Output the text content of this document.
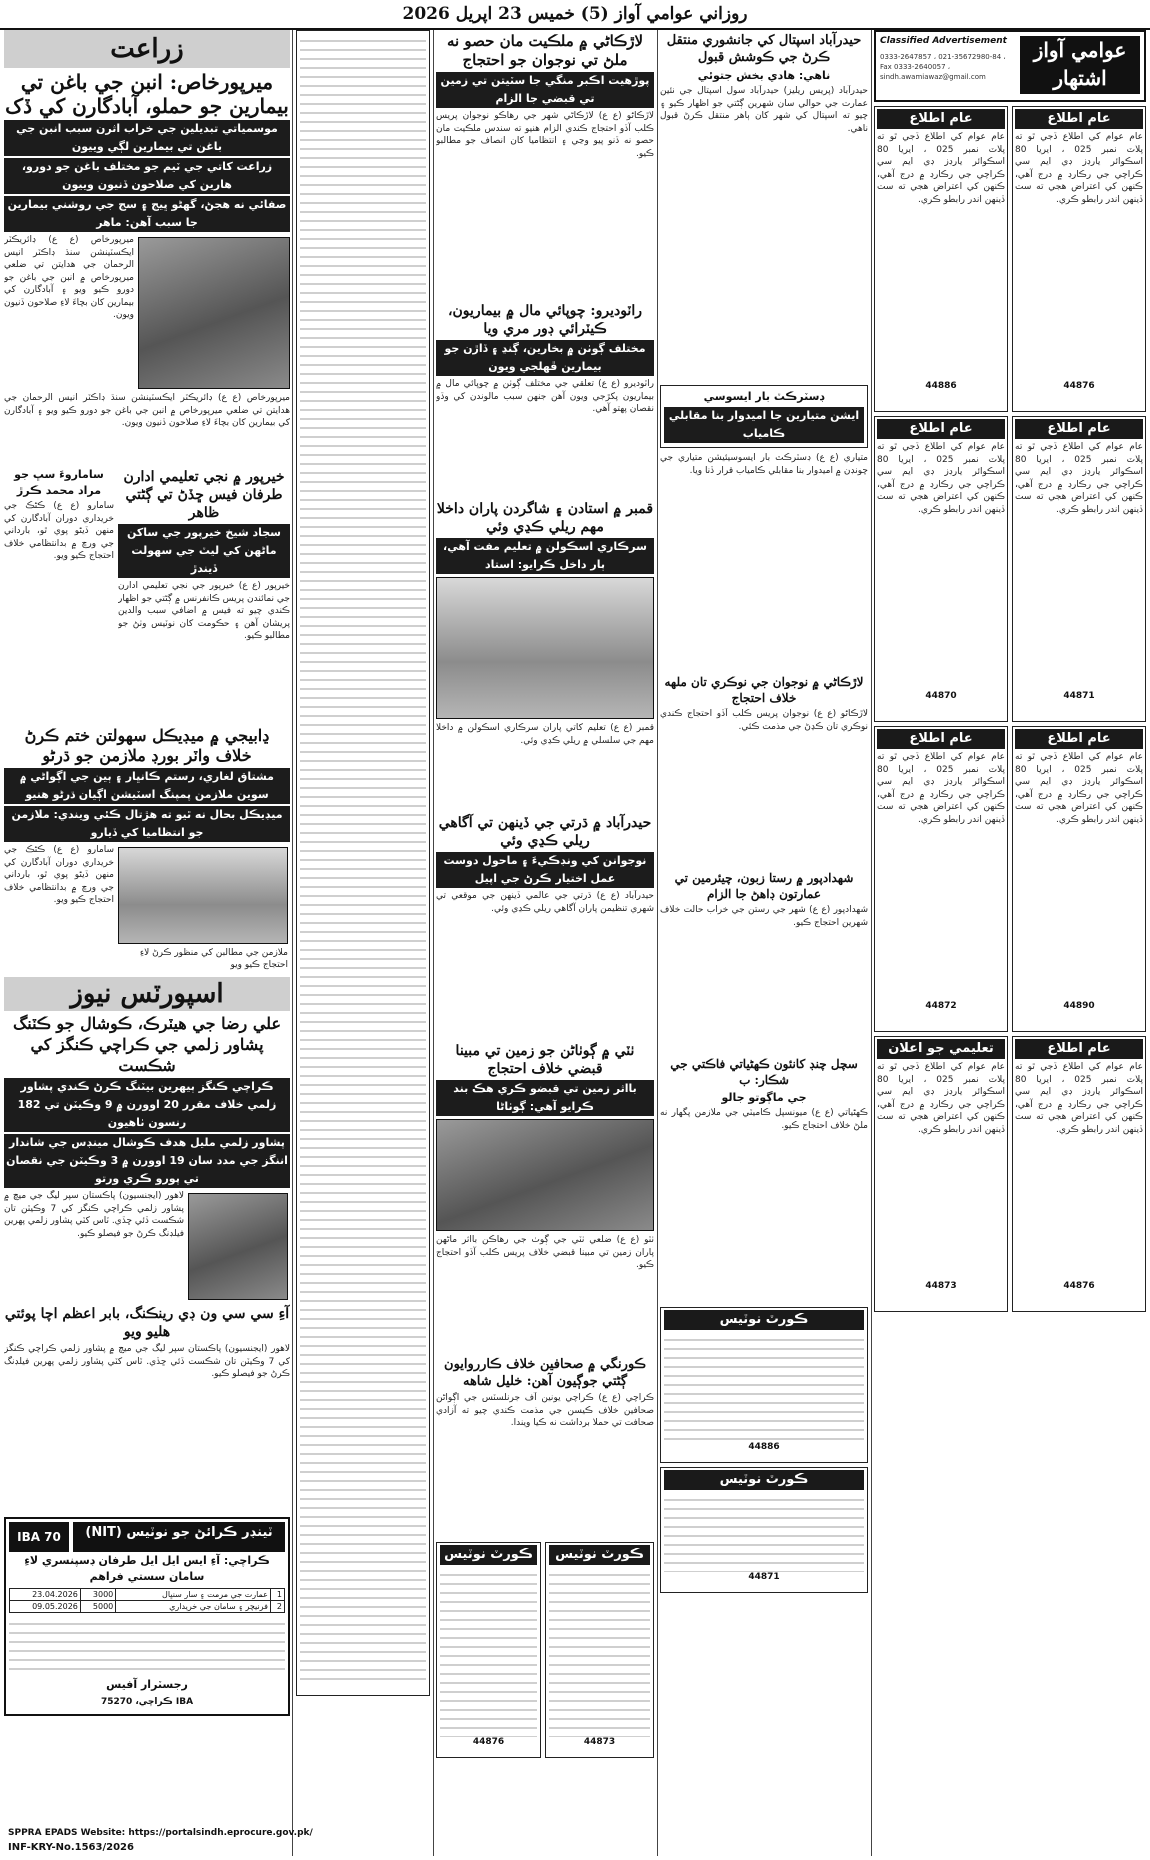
روزاني عوامي آواز (5) خميس 23 اپريل 2026
زراعت
ميرپورخاص: انبن جي باغن تي بيمارين جو حملو، آبادگارن کي ڏک
موسمياتي تبديلين جي خراب اثرن سبب انبن جي باغن تي بيمارين لڳي وييون
زراعت کاتي جي ٽيم جو مختلف باغن جو دورو، هارين کي صلاحون ڏنيون وييون
صفائي نه هجڻ، گهڻو ڀيج ۽ سج جي روشني بيمارين جا سبب آهن: ماهر
ميرپورخاص (ع ع) ڊائريڪٽر ايڪسٽينشن سنڌ ڊاڪٽر انيس الرحمان جي هدايتن تي ضلعي ميرپورخاص ۾ انبن جي باغن جو دورو ڪيو ويو ۽ آبادگارن کي بيمارين کان بچاءَ لاءِ صلاحون ڏنيون ويون.
ميرپورخاص (ع ع) ڊائريڪٽر ايڪسٽينشن سنڌ ڊاڪٽر انيس الرحمان جي هدايتن تي ضلعي ميرپورخاص ۾ انبن جي باغن جو دورو ڪيو ويو ۽ آبادگارن کي بيمارين کان بچاءَ لاءِ صلاحون ڏنيون ويون.
ساماروءَ سڀ جو مراد محمد ڪرڙ
سامارو (ع ع) ڪڻڪ جي خريداري دوران آبادگارن کي منهن ڏيڻو پوي ٿو، بارداني جي ورڇ ۾ بدانتظامي خلاف احتجاج ڪيو ويو.
خيرپور ۾ نجي تعليمي ادارن طرفان فيس ڇڏڻ تي ڳڻتي ظاهر
سجاد شيخ خيرپور جي ساکن ماڻهن کي ليٽ جي سهولت ڏيندڙ
خيرپور (ع ع) خيرپور جي نجي تعليمي ادارن جي نمائندن پريس ڪانفرنس ۾ ڳڻتي جو اظهار ڪندي چيو ته فيس ۾ اضافي سبب والدين پريشان آهن ۽ حڪومت کان نوٽيس وٺڻ جو مطالبو ڪيو.
ڍابيجي ۾ ميڊيڪل سهولتن ختم ڪرڻ خلاف واٽر بورڊ ملازمن جو ڌرڻو
مشتاق لغاري، رستم ڪانڀار ۽ ٻين جي اڳواڻي ۾ سوين ملازمن پمپنگ اسٽيشن اڳيان ڌرڻو هنيو
ميڊيڪل بحال نه ٿيو ته هڙتال ڪئي ويندي: ملازمن جو انتظاميا کي ڏيارو
سامارو (ع ع) ڪڻڪ جي خريداري دوران آبادگارن کي منهن ڏيڻو پوي ٿو، بارداني جي ورڇ ۾ بدانتظامي خلاف احتجاج ڪيو ويو.
ملازمن جي مطالبن کي منظور ڪرڻ لاءِ احتجاج ڪيو ويو
اسپورٽس نيوز
علي رضا جي هيٽرڪ، ڪوشال جو ڪٽنگ پشاور زلمي جي ڪراچي ڪنگز کي شڪست
ڪراچي ڪنگز ٻيهرين بيٽنگ ڪرڻ ڪندي پشاور زلمي خلاف مقرر 20 اوورن ۾ 9 وڪيٽن تي 182 رنسون ٺاهيون
پشاور زلمي مليل هدف ڪوشال مينڊس جي شاندار اننگز جي مدد سان 19 اوورن ۾ 3 وڪيٽن جي نقصان تي پورو ڪري ورتو
لاهور (ايجنسيون) پاڪستان سپر ليگ جي ميچ ۾ پشاور زلمي ڪراچي ڪنگز کي 7 وڪيٽن تان شڪست ڏئي ڇڏي. ٽاس کٽي پشاور زلمي پهرين فيلڊنگ ڪرڻ جو فيصلو ڪيو.
آءِ سي سي ون ڊي رينڪنگ، بابر اعظم اچا پوئتي هليو ويو
لاهور (ايجنسيون) پاڪستان سپر ليگ جي ميچ ۾ پشاور زلمي ڪراچي ڪنگز کي 7 وڪيٽن تان شڪست ڏئي ڇڏي. ٽاس کٽي پشاور زلمي پهرين فيلڊنگ ڪرڻ جو فيصلو ڪيو.
IBA 70	ٽينڊر ڪرائڻ جو نوٽيس (NIT)
ڪراچي: آءِ ايس ايل ايل طرفان ڊسپنسري لاءِ سامان سستي فراهم
1	عمارت جي مرمت ۽ سار سنڀال	3000	23.04.2026
2	فرنيچر ۽ سامان جي خريداري	5000	09.05.2026
رجسٽرار آفيس
IBA ڪراچي، 75270
لاڙڪاڻي ۾ ملڪيت مان حصو نه ملڻ تي نوجوان جو احتجاج
پوڙهيت اڪبر منگي جا سٽيتن تي زمين تي قبضي جا الزام
لاڙڪاڻو (ع ع) لاڙڪاڻي شهر جي رهاڪو نوجوان پريس ڪلب آڏو احتجاج ڪندي الزام هنيو ته سندس ملڪيت مان حصو نه ڏنو پيو وڃي ۽ انتظاميا کان انصاف جو مطالبو ڪيو.
راٽوديرو: چوپائي مال ۾ بيماريون، ڪيٽرائي ڊور مري ويا
مختلف ڳوٺن ۾ بخارين، ڳنڍ ۽ ڏاڙن جو بيمارين ڦهلجي ويون
راٽوديرو (ع ع) تعلقي جي مختلف ڳوٺن ۾ چوپائي مال ۾ بيماريون پکڙجي ويون آهن جنهن سبب مالوندن کي وڏو نقصان پهتو آهي.
قمبر ۾ استادن ۽ شاگردن پاران داخلا مهم ريلي ڪڍي وئي
سرڪاري اسڪولن ۾ تعليم مفت آهي، ٻار داخل ڪرايو: استاد
قمبر (ع ع) تعليم کاتي پاران سرڪاري اسڪولن ۾ داخلا مهم جي سلسلي ۾ ريلي ڪڍي وئي.
حيدرآباد ۾ ڌرتي جي ڏينهن تي آگاهي ريلي ڪڍي وئي
نوجوانن کي ونڊڪيءَ ۽ ماحول دوست عمل اختيار ڪرڻ جي اپيل
حيدرآباد (ع ع) ڌرتي جي عالمي ڏينهن جي موقعي تي شهري تنظيمن پاران آگاهي ريلي ڪڍي وئي.
ٺٽي ۾ ڳوٺاڻن جو زمين تي مبينا قبضي خلاف احتجاج
بااثر زمين تي قبضو ڪري هڪ بند ڪرايو آهي: ڳوٺاڻا
ٺٽو (ع ع) ضلعي ٺٽي جي ڳوٺ جي رهاڪن بااثر ماڻهن پاران زمين تي مبينا قبضي خلاف پريس ڪلب آڏو احتجاج ڪيو.
ڪورنگي ۾ صحافين خلاف ڪارروايون ڳڻتي جوڳيون آهن: خليل شاهه
ڪراچي (ع ع) ڪراچي يونين آف جرنلسٽس جي اڳواڻن صحافين خلاف ڪيسن جي مذمت ڪندي چيو ته آزادي صحافت تي حملا برداشت نه ڪيا ويندا.
ڪورٽ نوٽيس
44876
ڪورٽ نوٽيس
44873
حيدرآباد اسپتال کي جانشوري منتقل ڪرڻ جي ڪوشش قبول
ناهي: هادي بخش جتوئي
حيدرآباد (پريس ريليز) حيدرآباد سول اسپتال جي نئين عمارت جي حوالي سان شهرين ڳڻتي جو اظهار ڪيو ۽ چيو ته اسپتال کي شهر کان ٻاهر منتقل ڪرڻ قبول ناهي.
ڊسٽرڪٽ بار ايسوسي
ايشن متيارين جا اميدوار بنا مقابلي ڪامياب
متياري (ع ع) ڊسٽرڪٽ بار ايسوسيئيشن متياري جي چونڊن ۾ اميدوار بنا مقابلي ڪامياب قرار ڏنا ويا.
لاڙڪاڻي ۾ نوجوان جي نوڪري تان ملهه خلاف احتجاج
لاڙڪاڻو (ع ع) نوجوان پريس ڪلب آڏو احتجاج ڪندي نوڪري تان ڪڍڻ جي مذمت ڪئي.
شهدادپور ۾ رستا زبون، چيئرمين تي عمارتون ڊاهڻ جا الزام
شهدادپور (ع ع) شهر جي رستن جي خراب حالت خلاف شهرين احتجاج ڪيو.
سچل چنڊ کانئون ڪهڻياتي فاڪتي جي شڪار: ب
جي ماڳوتو جالو
ڪهڻياتي (ع ع) ميونسپل ڪاميٽي جي ملازمن پگهار نه ملڻ خلاف احتجاج ڪيو.
ڪورٽ نوٽيس
44886
ڪورٽ نوٽيس
44871
عوامي آواز
اشتهار
Classified Advertisement
0333-2647857 ، 021-35672980-84 ، Fax 0333-2640057 ، sindh.awamiawaz@gmail.com
عام اطلاع
عام عوام کي اطلاع ڏجي ٿو ته پلاٽ نمبر 025 ، ايريا 80 اسڪوائر يارڊز ڊي ايم سي ڪراچي جي رڪارڊ ۾ درج آهي، ڪنهن کي اعتراض هجي ته ست ڏينهن اندر رابطو ڪري.
44886
عام اطلاع
عام عوام کي اطلاع ڏجي ٿو ته پلاٽ نمبر 025 ، ايريا 80 اسڪوائر يارڊز ڊي ايم سي ڪراچي جي رڪارڊ ۾ درج آهي، ڪنهن کي اعتراض هجي ته ست ڏينهن اندر رابطو ڪري.
44876
عام اطلاع
عام عوام کي اطلاع ڏجي ٿو ته پلاٽ نمبر 025 ، ايريا 80 اسڪوائر يارڊز ڊي ايم سي ڪراچي جي رڪارڊ ۾ درج آهي، ڪنهن کي اعتراض هجي ته ست ڏينهن اندر رابطو ڪري.
44870
عام اطلاع
عام عوام کي اطلاع ڏجي ٿو ته پلاٽ نمبر 025 ، ايريا 80 اسڪوائر يارڊز ڊي ايم سي ڪراچي جي رڪارڊ ۾ درج آهي، ڪنهن کي اعتراض هجي ته ست ڏينهن اندر رابطو ڪري.
44871
عام اطلاع
عام عوام کي اطلاع ڏجي ٿو ته پلاٽ نمبر 025 ، ايريا 80 اسڪوائر يارڊز ڊي ايم سي ڪراچي جي رڪارڊ ۾ درج آهي، ڪنهن کي اعتراض هجي ته ست ڏينهن اندر رابطو ڪري.
44872
عام اطلاع
عام عوام کي اطلاع ڏجي ٿو ته پلاٽ نمبر 025 ، ايريا 80 اسڪوائر يارڊز ڊي ايم سي ڪراچي جي رڪارڊ ۾ درج آهي، ڪنهن کي اعتراض هجي ته ست ڏينهن اندر رابطو ڪري.
44890
تعليمي جو اعلان
عام عوام کي اطلاع ڏجي ٿو ته پلاٽ نمبر 025 ، ايريا 80 اسڪوائر يارڊز ڊي ايم سي ڪراچي جي رڪارڊ ۾ درج آهي، ڪنهن کي اعتراض هجي ته ست ڏينهن اندر رابطو ڪري.
44873
عام اطلاع
عام عوام کي اطلاع ڏجي ٿو ته پلاٽ نمبر 025 ، ايريا 80 اسڪوائر يارڊز ڊي ايم سي ڪراچي جي رڪارڊ ۾ درج آهي، ڪنهن کي اعتراض هجي ته ست ڏينهن اندر رابطو ڪري.
44876
INF-KRY-No.1563/2026
SPPRA EPADS Website: https://portalsindh.eprocure.gov.pk/
